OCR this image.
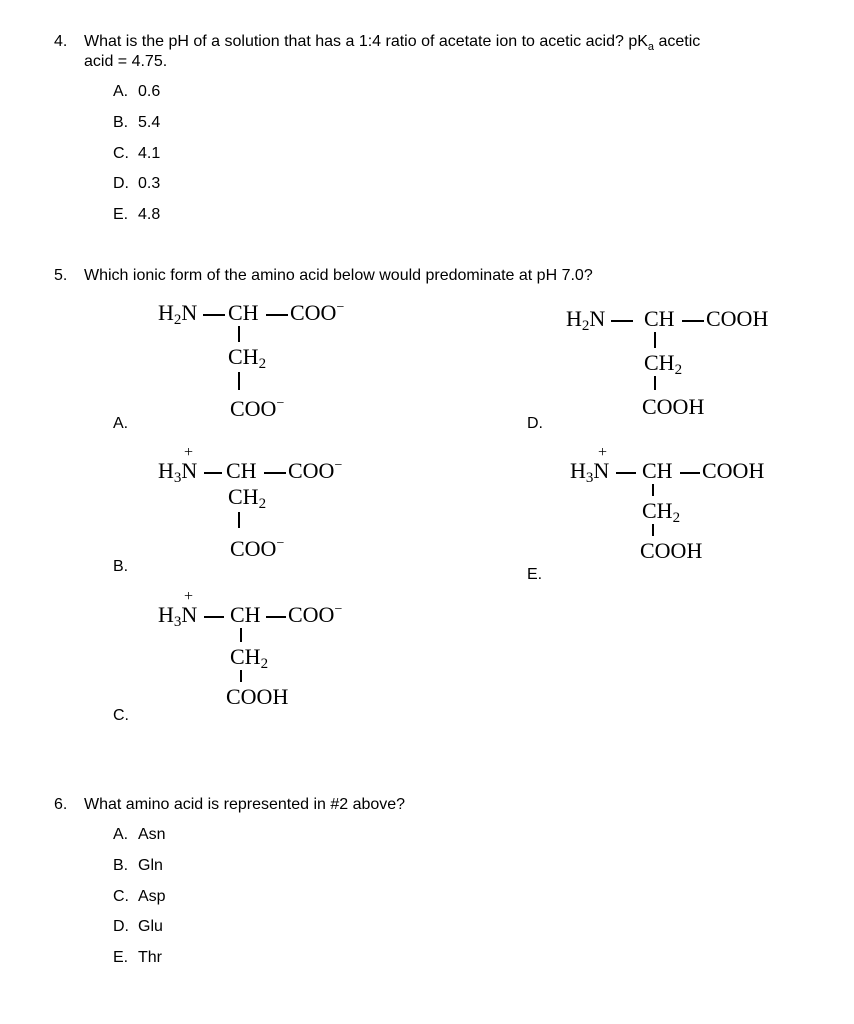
4. What is the pH of a solution that has a 1:4 ratio of acetate ion to acetic acid? $pK_a$ acetic
acid = 4.75.
A. 0.6
B. 5.4
C. 4.1
D. 0.3
E. 4.8
5. Which ionic form of the amino acid below would predominate at pH 7.0?
A.
$H_2N$ CH COO−
$CH_2$
COO−
D.
$H_2N$ CH COOH
$CH_2$
COOH
B.
+
$H_3N$ CH COO−
$CH_2$
COO−
E.
+
$H_3N$ CH COOH
$CH_2$
COOH
C.
+
$H_3N$ CH COO−
$CH_2$
COOH
6. What amino acid is represented in #2 above?
A. Asn
B. Gln
C. Asp
D. Glu
E. Thr
